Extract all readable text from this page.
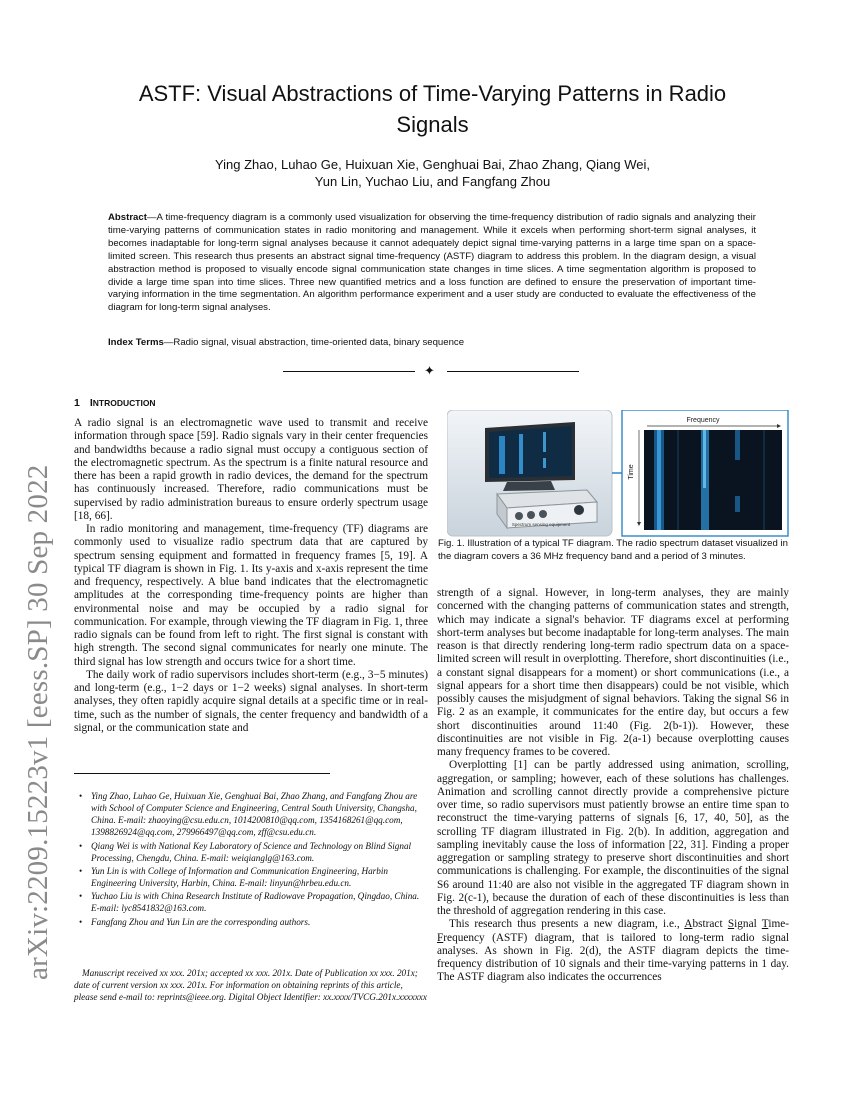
arXiv:2209.15223v1 [eess.SP] 30 Sep 2022
ASTF: Visual Abstractions of Time-Varying Patterns in Radio Signals
Ying Zhao, Luhao Ge, Huixuan Xie, Genghuai Bai, Zhao Zhang, Qiang Wei,
Yun Lin, Yuchao Liu, and Fangfang Zhou

Abstract—A time-frequency diagram is a commonly used visualization for observing the time-frequency distribution of radio signals and analyzing their time-varying patterns of communication states in radio monitoring and management. While it excels when performing short-term signal analyses, it becomes inadaptable for long-term signal analyses because it cannot adequately depict signal time-varying patterns in a large time span on a space-limited screen. This research thus presents an abstract signal time-frequency (ASTF) diagram to address this problem. In the diagram design, a visual abstraction method is proposed to visually encode signal communication state changes in time slices. A time segmentation algorithm is proposed to divide a large time span into time slices. Three new quantified metrics and a loss function are defined to ensure the preservation of important time-varying information in the time segmentation. An algorithm performance experiment and a user study are conducted to evaluate the effectiveness of the diagram for long-term signal analyses.

Index Terms—Radio signal, visual abstraction, time-oriented data, binary sequence

✦
1 INTRODUCTION

A radio signal is an electromagnetic wave used to transmit and receive information through space [59]. Radio signals vary in their center frequencies and bandwidths because a radio signal must occupy a contiguous section of the electromagnetic spectrum. As the spectrum is a finite natural resource and there has been a rapid growth in radio devices, the demand for the spectrum has continuously increased. Therefore, radio communications must be supervised by radio administration bureaus to ensure orderly spectrum usage [18, 66].

In radio monitoring and management, time-frequency (TF) diagrams are commonly used to visualize radio spectrum data that are captured by spectrum sensing equipment and formatted in frequency frames [5, 19]. A typical TF diagram is shown in Fig. 1. Its y-axis and x-axis represent the time and frequency, respectively. A blue band indicates that the electromagnetic amplitudes at the corresponding time-frequency points are higher than environmental noise and may be occupied by a radio signal for communication. For example, through viewing the TF diagram in Fig. 1, three radio signals can be found from left to right. The first signal is constant with high strength. The second signal communicates for nearly one minute. The third signal has low strength and occurs twice for a short time.

The daily work of radio supervisors includes short-term (e.g., 3−5 minutes) and long-term (e.g., 1−2 days or 1−2 weeks) signal analyses. In short-term analyses, they often rapidly acquire signal details at a specific time or in real-time, such as the number of signals, the center frequency and bandwidth of a signal, or the communication state and

• Ying Zhao, Luhao Ge, Huixuan Xie, Genghuai Bai, Zhao Zhang, and Fangfang Zhou are with School of Computer Science and Engineering, Central South University, Changsha, China. E-mail: zhaoying@csu.edu.cn, 1014200810@qq.com, 1354168261@qq.com, 1398826924@qq.com, 279966497@qq.com, zff@csu.edu.cn.
• Qiang Wei is with National Key Laboratory of Science and Technology on Blind Signal Processing, Chengdu, China. E-mail: weiqianglg@163.com.
• Yun Lin is with College of Information and Communication Engineering, Harbin Engineering University, Harbin, China. E-mail: linyun@hrbeu.edu.cn.
• Yuchao Liu is with China Research Institute of Radiowave Propagation, Qingdao, China. E-mail: lyc8541832@163.com.
• Fangfang Zhou and Yun Lin are the corresponding authors.

Manuscript received xx xxx. 201x; accepted xx xxx. 201x. Date of Publication xx xxx. 201x; date of current version xx xxx. 201x. For information on obtaining reprints of this article, please send e-mail to: reprints@ieee.org. Digital Object Identifier: xx.xxxx/TVCG.201x.xxxxxxx

Spectrum sensing equipment
Frequency
Time

Fig. 1. Illustration of a typical TF diagram. The radio spectrum dataset visualized in the diagram covers a 36 MHz frequency band and a period of 3 minutes.

strength of a signal. However, in long-term analyses, they are mainly concerned with the changing patterns of communication states and strength, which may indicate a signal's behavior. TF diagrams excel at performing short-term analyses but become inadaptable for long-term analyses. The main reason is that directly rendering long-term radio spectrum data on a space-limited screen will result in overplotting. Therefore, short discontinuities (i.e., a constant signal disappears for a moment) or short communications (i.e., a signal appears for a short time then disappears) could be not visible, which possibly causes the misjudgment of signal behaviors. Taking the signal S6 in Fig. 2 as an example, it communicates for the entire day, but occurs a few short discontinuities around 11:40 (Fig. 2(b-1)). However, these discontinuities are not visible in Fig. 2(a-1) because overplotting causes many frequency frames to be covered.

Overplotting [1] can be partly addressed using animation, scrolling, aggregation, or sampling; however, each of these solutions has challenges. Animation and scrolling cannot directly provide a comprehensive picture over time, so radio supervisors must patiently browse an entire time span to reconstruct the time-varying patterns of signals [6, 17, 40, 50], as the scrolling TF diagram illustrated in Fig. 2(b). In addition, aggregation and sampling inevitably cause the loss of information [22, 31]. Finding a proper aggregation or sampling strategy to preserve short discontinuities and short communications is challenging. For example, the discontinuities of the signal S6 around 11:40 are also not visible in the aggregated TF diagram shown in Fig. 2(c-1), because the duration of each of these discontinuities is less than the threshold of aggregation rendering in this case.

This research thus presents a new diagram, i.e., Abstract Signal Time-Frequency (ASTF) diagram, that is tailored to long-term radio signal analyses. As shown in Fig. 2(d), the ASTF diagram depicts the time-frequency distribution of 10 signals and their time-varying patterns in 1 day. The ASTF diagram also indicates the occurrences
